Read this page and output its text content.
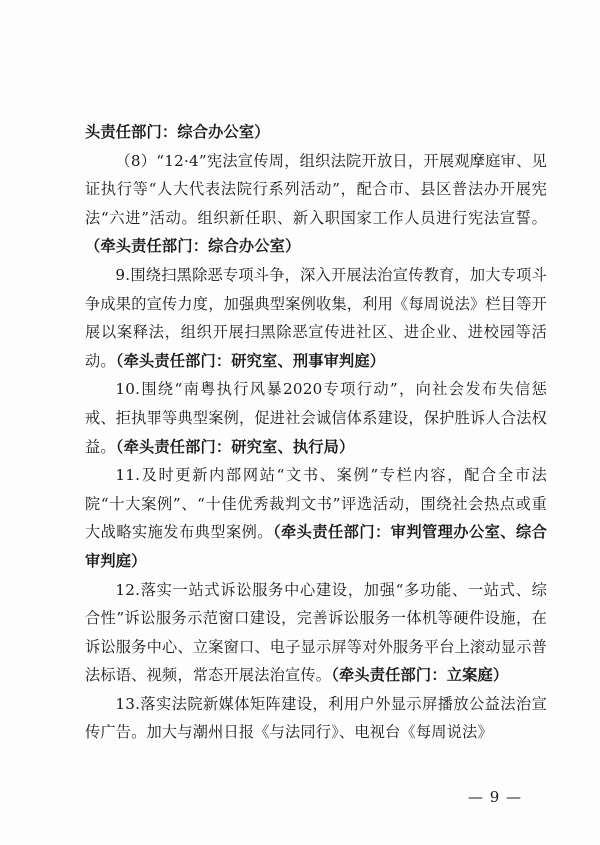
头责任部门：综合办公室）

（8）“12·4”宪法宣传周，组织法院开放日，开展观摩庭审、见证执行等“人大代表法院行系列活动”，配合市、县区普法办开展宪法“六进”活动。组织新任职、新入职国家工作人员进行宪法宣誓。（牵头责任部门：综合办公室）

9.围绕扫黑除恶专项斗争，深入开展法治宣传教育，加大专项斗争成果的宣传力度，加强典型案例收集，利用《每周说法》栏目等开展以案释法，组织开展扫黑除恶宣传进社区、进企业、进校园等活动。（牵头责任部门：研究室、刑事审判庭）

10.围绕“南粤执行风暴2020专项行动”，向社会发布失信惩戒、拒执罪等典型案例，促进社会诚信体系建设，保护胜诉人合法权益。（牵头责任部门：研究室、执行局）

11.及时更新内部网站“文书、案例”专栏内容，配合全市法院“十大案例”、“十佳优秀裁判文书”评选活动，围绕社会热点或重大战略实施发布典型案例。（牵头责任部门：审判管理办公室、综合审判庭）

12.落实一站式诉讼服务中心建设，加强“多功能、一站式、综合性”诉讼服务示范窗口建设，完善诉讼服务一体机等硬件设施，在诉讼服务中心、立案窗口、电子显示屏等对外服务平台上滚动显示普法标语、视频，常态开展法治宣传。（牵头责任部门：立案庭）

13.落实法院新媒体矩阵建设，利用户外显示屏播放公益法治宣传广告。加大与潮州日报《与法同行》、电视台《每周说法》

— 9 —
